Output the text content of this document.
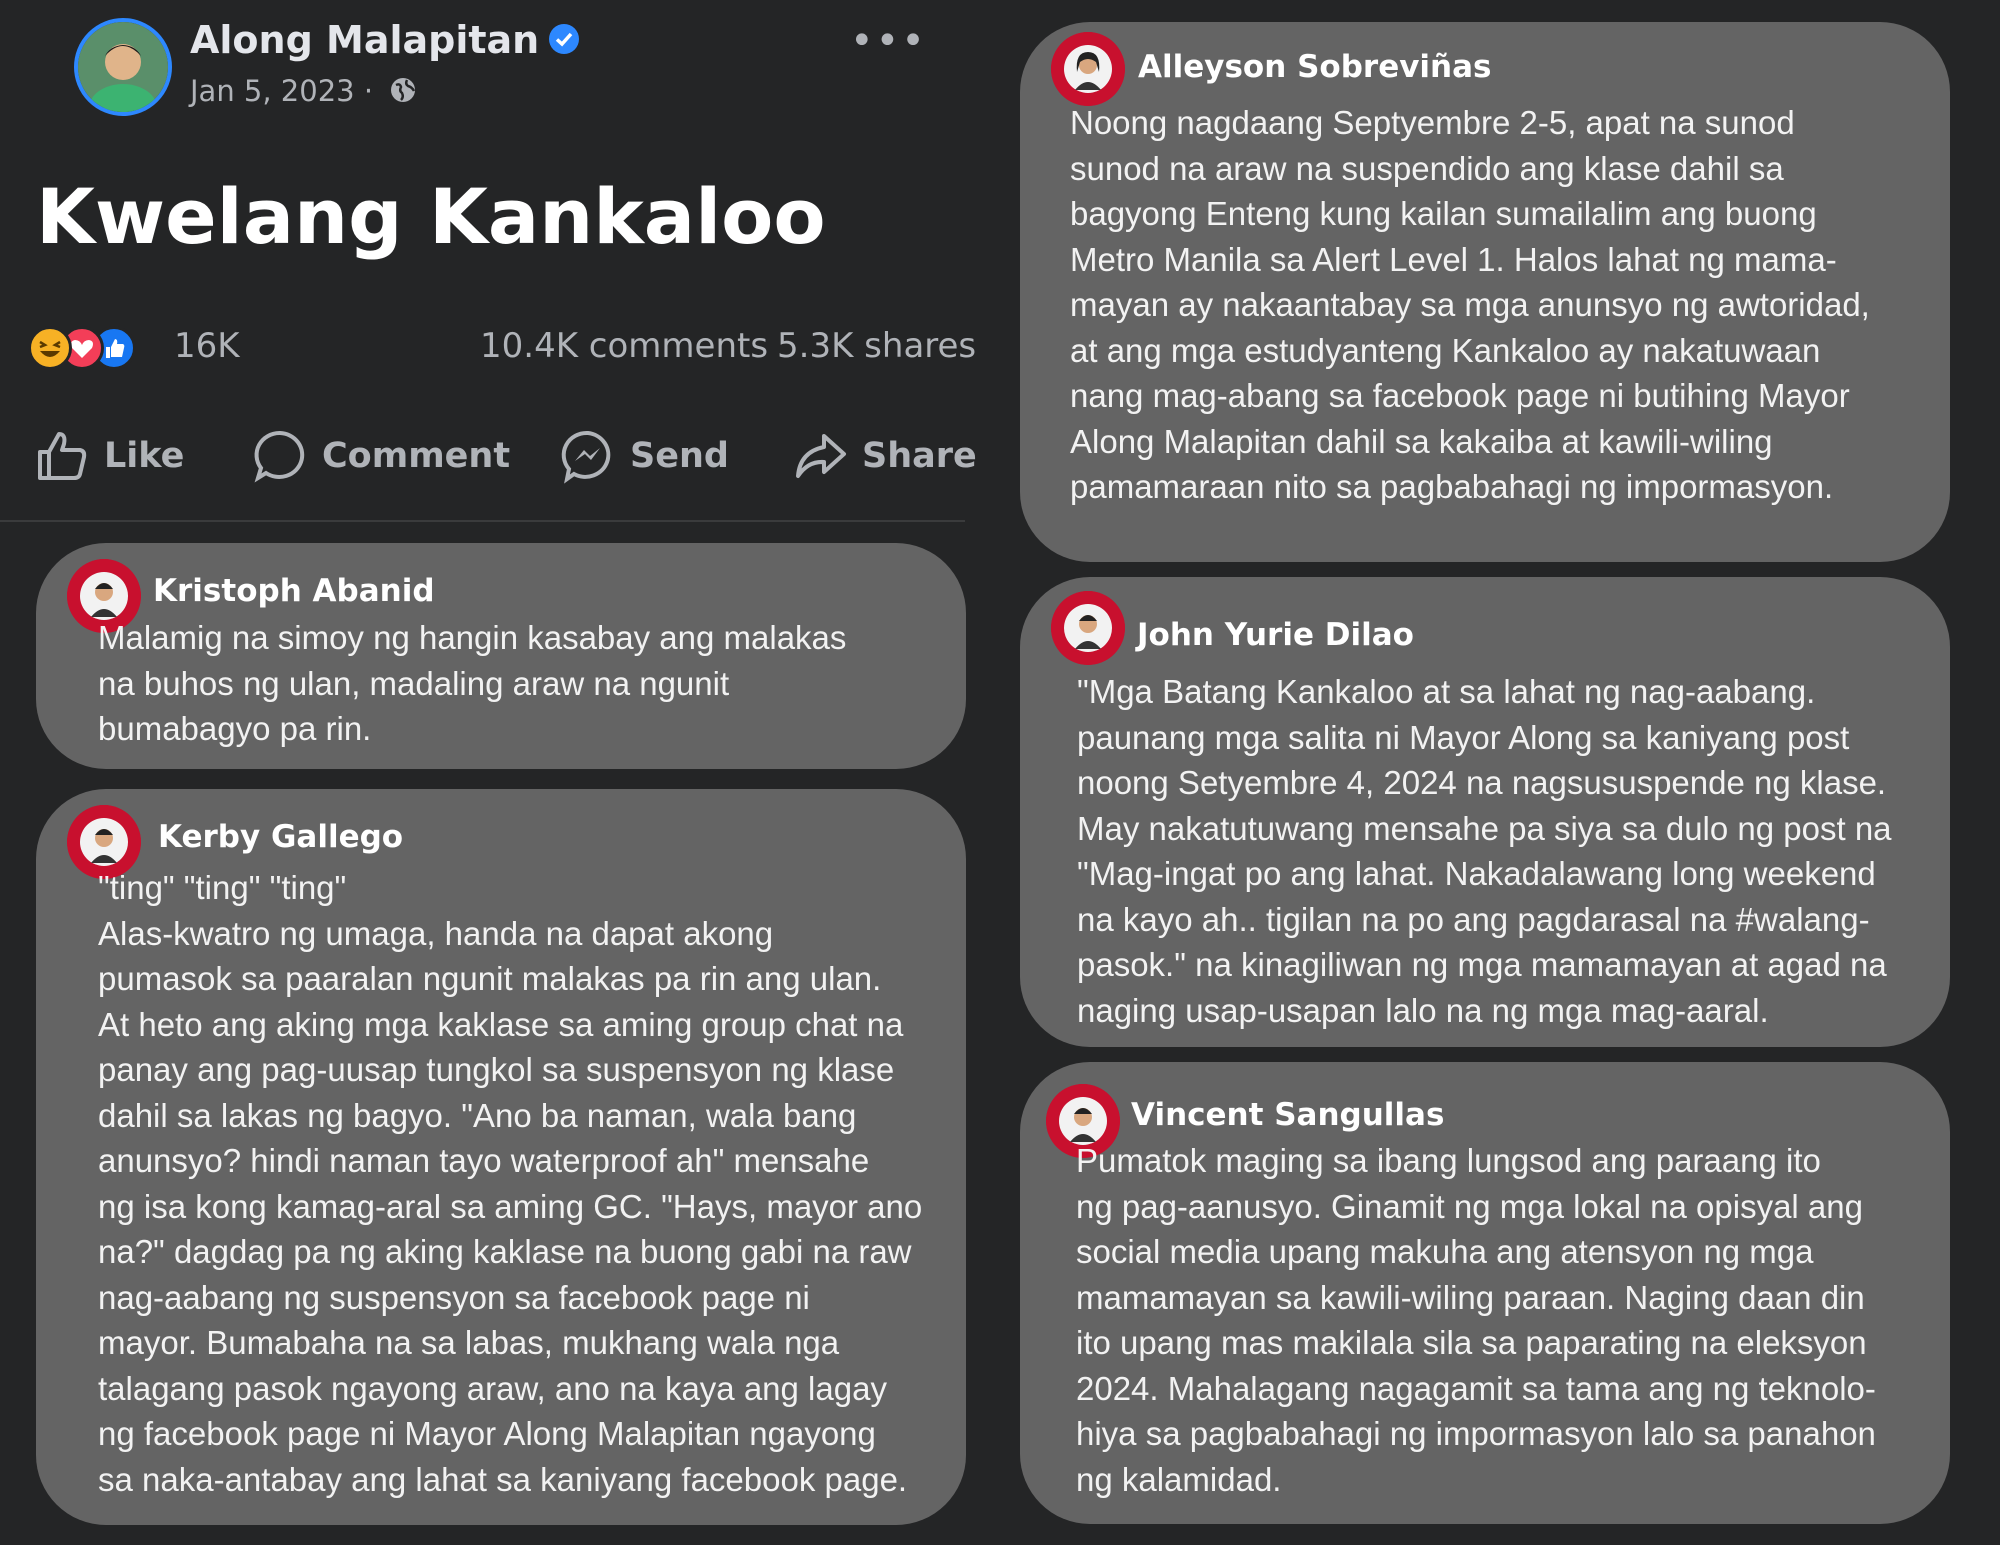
Along Malapitan
Jan 5, 2023 ·
•••
Kwelang Kankaloo
16K	10.4K comments 5.3K shares
Like	Comment	Send	Share
Kristoph Abanid
Malamig na simoy ng hangin kasabay ang malakas
na buhos ng ulan, madaling araw na ngunit
bumabagyo pa rin.
Kerby Gallego
"ting" "ting" "ting"
Alas-kwatro ng umaga, handa na dapat akong
pumasok sa paaralan ngunit malakas pa rin ang ulan.
At heto ang aking mga kaklase sa aming group chat na
panay ang pag-uusap tungkol sa suspensyon ng klase
dahil sa lakas ng bagyo. "Ano ba naman, wala bang
anunsyo? hindi naman tayo waterproof ah" mensahe
ng isa kong kamag-aral sa aming GC. "Hays, mayor ano
na?" dagdag pa ng aking kaklase na buong gabi na raw
nag-aabang ng suspensyon sa facebook page ni
mayor. Bumabaha na sa labas, mukhang wala nga
talagang pasok ngayong araw, ano na kaya ang lagay
ng facebook page ni Mayor Along Malapitan ngayong
sa naka-antabay ang lahat sa kaniyang facebook page.
Alleyson Sobreviñas
Noong nagdaang Septyembre 2-5, apat na sunod
sunod na araw na suspendido ang klase dahil sa
bagyong Enteng kung kailan sumailalim ang buong
Metro Manila sa Alert Level 1. Halos lahat ng mama-
mayan ay nakaantabay sa mga anunsyo ng awtoridad,
at ang mga estudyanteng Kankaloo ay nakatuwaan
nang mag-abang sa facebook page ni butihing Mayor
Along Malapitan dahil sa kakaiba at kawili-wiling
pamamaraan nito sa pagbabahagi ng impormasyon.
John Yurie Dilao
"Mga Batang Kankaloo at sa lahat ng nag-aabang.
paunang mga salita ni Mayor Along sa kaniyang post
noong Setyembre 4, 2024 na nagsususpende ng klase.
May nakatutuwang mensahe pa siya sa dulo ng post na
"Mag-ingat po ang lahat. Nakadalawang long weekend
na kayo ah.. tigilan na po ang pagdarasal na #walang-
pasok." na kinagiliwan ng mga mamamayan at agad na
naging usap-usapan lalo na ng mga mag-aaral.
Vincent Sangullas
Pumatok maging sa ibang lungsod ang paraang ito
ng pag-aanusyo. Ginamit ng mga lokal na opisyal ang
social media upang makuha ang atensyon ng mga
mamamayan sa kawili-wiling paraan. Naging daan din
ito upang mas makilala sila sa paparating na eleksyon
2024. Mahalagang nagagamit sa tama ang ng teknolo-
hiya sa pagbabahagi ng impormasyon lalo sa panahon
ng kalamidad.
